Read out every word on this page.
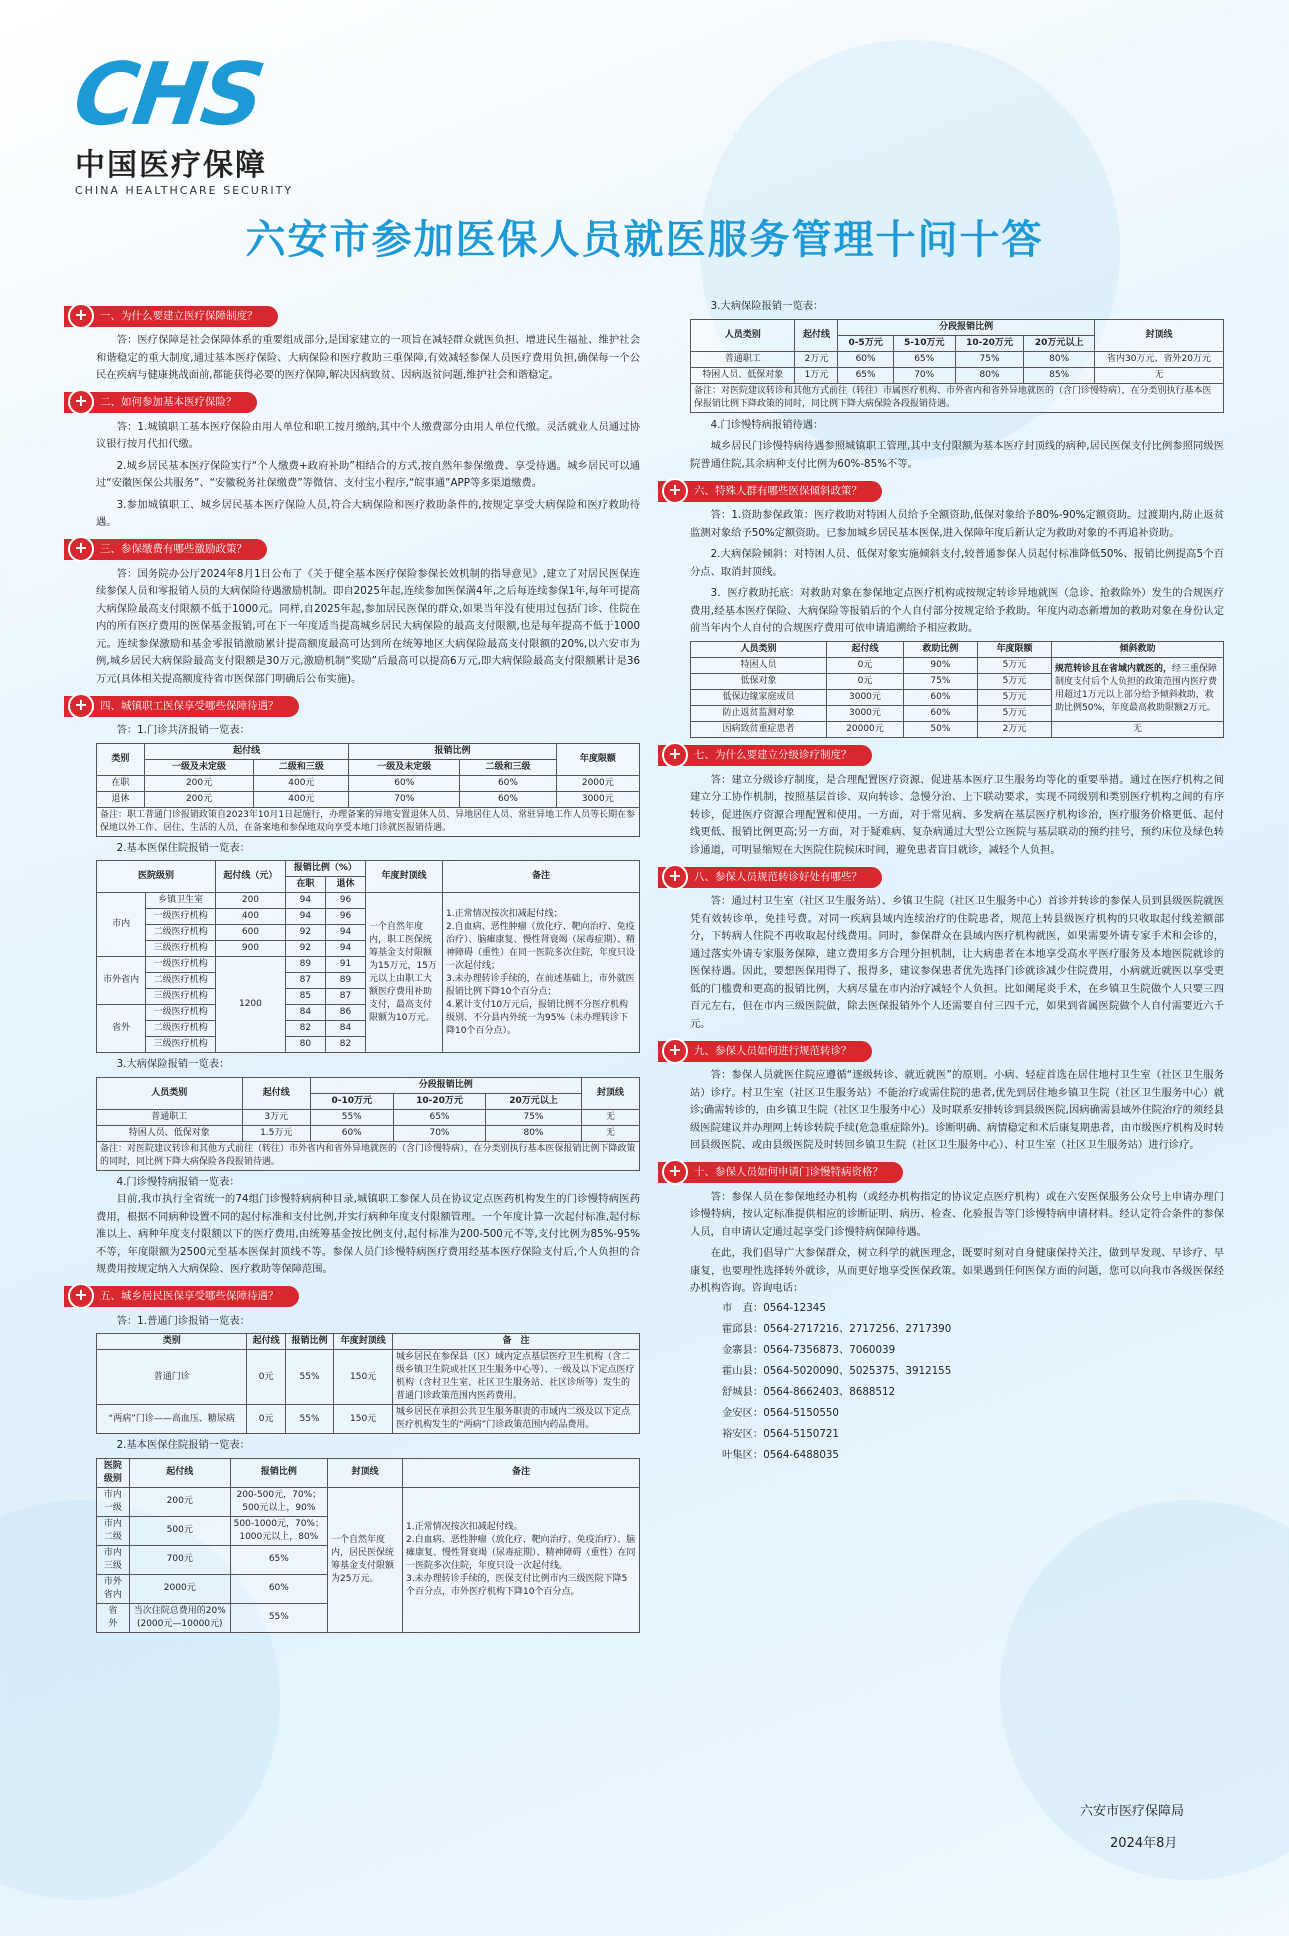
CHS
中国医疗保障
CHINA HEALTHCARE SECURITY
六安市参加医保人员就医服务管理十问十答
+	一、为什么要建立医疗保障制度？

答：医疗保障是社会保障体系的重要组成部分,是国家建立的一项旨在减轻群众就医负担、增进民生福祉、维护社会和谐稳定的重大制度,通过基本医疗保险、大病保险和医疗救助三重保障,有效减轻参保人员医疗费用负担,确保每一个公民在疾病与健康挑战面前,都能获得必要的医疗保障,解决因病致贫、因病返贫问题,维护社会和谐稳定。

+	二、如何参加基本医疗保险？

答：1.城镇职工基本医疗保险由用人单位和职工按月缴纳,其中个人缴费部分由用人单位代缴。灵活就业人员通过协议银行按月代扣代缴。

2.城乡居民基本医疗保险实行“个人缴费+政府补助”相结合的方式,按自然年参保缴费、享受待遇。城乡居民可以通过“安徽医保公共服务”、“安徽税务社保缴费”等微信、支付宝小程序,“皖事通”APP等多渠道缴费。

3.参加城镇职工、城乡居民基本医疗保险人员,符合大病保险和医疗救助条件的,按规定享受大病保险和医疗救助待遇。

+	三、参保缴费有哪些激励政策？

答：国务院办公厅2024年8月1日公布了《关于健全基本医疗保险参保长效机制的指导意见》,建立了对居民医保连续参保人员和零报销人员的大病保险待遇激励机制。即自2025年起,连续参加医保满4年,之后每连续参保1年,每年可提高大病保险最高支付限额不低于1000元。同样,自2025年起,参加居民医保的群众,如果当年没有使用过包括门诊、住院在内的所有医疗费用的医保基金报销,可在下一年度适当提高城乡居民大病保险的最高支付限额,也是每年提高不低于1000元。连续参保激励和基金零报销激励累计提高额度最高可达到所在统筹地区大病保险最高支付限额的20%,以六安市为例,城乡居民大病保险最高支付限额是30万元,激励机制“奖励”后最高可以提高6万元,即大病保险最高支付限额累计是36万元(具体相关提高额度待省市医保部门明确后公布实施)。

+	四、城镇职工医保享受哪些保障待遇？

答：1.门诊共济报销一览表：

类别	起付线		报销比例		年度限额
	一级及未定级	二级和三级	一级及未定级	二级和三级	
在职	200元	400元	60%	60%	2000元
退休	200元	400元	70%	60%	3000元
备注：职工普通门诊报销政策自2023年10月1日起施行，办理备案的异地安置退休人员、异地居住人员、常驻异地工作人员等长期在参保地以外工作、居住、生活的人员，在备案地和参保地双向享受本地门诊就医报销待遇。					

2.基本医保住院报销一览表：

医院级别		起付线（元）	报销比例（%）		年度封顶线	备注
			在职	退休		
市内	乡镇卫生室	200	94	96	一个自然年度内，职工医保统筹基金支付限额为15万元，15万元以上由职工大额医疗费用补助支付，最高支付限额为10万元。	1.正常情况按次扣减起付线；
2.自血病、恶性肿瘤（放化疗、靶向治疗、免疫治疗）、脑瘫康复、慢性肾衰竭（尿毒症期）、精神障碍（重性）在同一医院多次住院，年度只设一次起付线；
3.未办理转诊手续的，在前述基础上，市外就医报销比例下降10个百分点；
4.累计支付10万元后，报销比例不分医疗机构级别、不分县内外统一为95%（未办理转诊下降10个百分点）。
	一级医疗机构	400	94	96		
	二级医疗机构	600	92	94		
	三级医疗机构	900	92	94		
市外省内	一级医疗机构	1200	89	91		
	二级医疗机构		87	89		
	三级医疗机构		85	87		
省外	一级医疗机构		84	86		
	二级医疗机构		82	84		
	三级医疗机构		80	82		

3.大病保险报销一览表：

人员类别	起付线	分段报销比例			封顶线
		0-10万元	10-20万元	20万元以上	
普通职工	3万元	55%	65%	75%	无
特困人员、低保对象	1.5万元	60%	70%	80%	无
备注：对医院建议转诊和其他方式前往（转往）市外省内和省外异地就医的（含门诊慢特病），在分类别执行基本医保报销比例下降政策的同时，同比例下降大病保险各段报销待遇。					

4.门诊慢特病报销一览表：

目前,我市执行全省统一的74组门诊慢特病病种目录,城镇职工参保人员在协议定点医药机构发生的门诊慢特病医药费用，根据不同病种设置不同的起付标准和支付比例,并实行病种年度支付限额管理。一个年度计算一次起付标准,起付标准以上、病种年度支付限额以下的医疗费用,由统筹基金按比例支付,起付标准为200-500元不等,支付比例为85%-95%不等，年度限额为2500元至基本医保封顶线不等。参保人员门诊慢特病医疗费用经基本医疗保险支付后,个人负担的合规费用按规定纳入大病保险、医疗救助等保障范围。

+	五、城乡居民医保享受哪些保障待遇？

答：1.普通门诊报销一览表：

类别	起付线	报销比例	年度封顶线	备　注
普通门诊	0元	55%	150元	城乡居民在参保县（区）域内定点基层医疗卫生机构（含二级乡镇卫生院或社区卫生服务中心等）、一级及以下定点医疗机构（含村卫生室、社区卫生服务站、社区诊所等）发生的普通门诊政策范围内医药费用。
“两病”门诊——高血压、糖尿病	0元	55%	150元	城乡居民在承担公共卫生服务职责的市域内二级及以下定点医疗机构发生的“两病”门诊政策范围内药品费用。

2.基本医保住院报销一览表：

医院级别	起付线	报销比例	封顶线	备注
市内一级	200元	200-500元，70%；500元以上，90%	一个自然年度内，居民医保统筹基金支付限额为25万元。	1.正常情况按次扣减起付线。
2.白血病、恶性肿瘤（放化疗、靶向治疗、免疫治疗）、脑瘫康复、慢性肾衰竭（尿毒症期）、精神障碍（重性）在同一医院多次住院，年度只设一次起付线。
3.未办理转诊手续的，医保支付比例市内三级医院下降5个百分点，市外医疗机构下降10个百分点。
市内二级	500元	500-1000元，70%；1000元以上，80%		
市内三级	700元	65%		
市外省内	2000元	60%		
省　外	当次住院总费用的20%(2000元—10000元)	55%		

3.大病保险报销一览表：

人员类别	起付线	分段报销比例				封顶线
		0-5万元	5-10万元	10-20万元	20万元以上	
普通职工	2万元	60%	65%	75%	80%	省内30万元、省外20万元
特困人员、低保对象	1万元	65%	70%	80%	85%	无
备注：对医院建议转诊和其他方式前往（转往）市属医疗机构、市外省内和省外异地就医的（含门诊慢特病），在分类别执行基本医保报销比例下降政策的同时，同比例下降大病保险各段报销待遇。						

4.门诊慢特病报销待遇：

城乡居民门诊慢特病待遇参照城镇职工管理,其中支付限额为基本医疗封顶线的病种,居民医保支付比例参照同级医院普通住院,其余病种支付比例为60%-85%不等。

+	六、特殊人群有哪些医保倾斜政策？

答：1.资助参保政策：医疗救助对特困人员给予全额资助,低保对象给予80%-90%定额资助。过渡期内,防止返贫监测对象给予50%定额资助。已参加城乡居民基本医保,进入保障年度后新认定为救助对象的不再追补资助。

2.大病保险倾斜：对特困人员、低保对象实施倾斜支付,较普通参保人员起付标准降低50%、报销比例提高5个百分点、取消封顶线。

3．医疗救助托底：对救助对象在参保地定点医疗机构或按规定转诊异地就医（急诊、抢救除外）发生的合规医疗费用,经基本医疗保险、大病保险等报销后的个人自付部分按规定给予救助。年度内动态新增加的救助对象在身份认定前当年内个人自付的合规医疗费用可依申请追溯给予相应救助。

人员类别	起付线	救助比例	年度限额	倾斜救助
特困人员	0元	90%	5万元	规范转诊且在省域内就医的，经三重保障制度支付后个人负担的政策范围内医疗费用超过1万元以上部分给予倾斜救助，救助比例50%，年度最高救助限额2万元。
低保对象	0元	75%	5万元	
低保边缘家庭成员	3000元	60%	5万元	
防止返贫监测对象	3000元	60%	5万元	
因病致贫重症患者	20000元	50%	2万元	无
+	七、为什么要建立分级诊疗制度？

答：建立分级诊疗制度，是合理配置医疗资源、促进基本医疗卫生服务均等化的重要举措。通过在医疗机构之间建立分工协作机制，按照基层首诊、双向转诊、急慢分治、上下联动要求，实现不同级别和类别医疗机构之间的有序转诊，促进医疗资源合理配置和使用。一方面，对于常见病、多发病在基层医疗机构诊治，医疗服务价格更低、起付线更低、报销比例更高;另一方面，对于疑难病、复杂病通过大型公立医院与基层联动的预约挂号，预约床位及绿色转诊通道，可明显缩短在大医院住院候床时间，避免患者盲目就诊，减轻个人负担。

+	八、参保人员规范转诊好处有哪些？

答：通过村卫生室（社区卫生服务站）、乡镇卫生院（社区卫生服务中心）首诊并转诊的参保人员到县级医院就医凭有效转诊单，免挂号费。对同一疾病县域内连续治疗的住院患者，规范上转县级医疗机构的只收取起付线差额部分，下转病人住院不再收取起付线费用。同时，参保群众在县域内医疗机构就医，如果需要外请专家手术和会诊的，通过落实外请专家服务保障，建立费用多方合理分担机制，让大病患者在本地享受高水平医疗服务及本地医院就诊的医保待遇。因此，要想医保用得了、报得多，建议参保患者优先选择门诊就诊减少住院费用，小病就近就医以享受更低的门槛费和更高的报销比例，大病尽量在市内治疗减轻个人负担。比如阑尾炎手术，在乡镇卫生院做个人只要三四百元左右，但在市内三级医院做，除去医保报销外个人还需要自付三四千元，如果到省属医院做个人自付需要近六千元。

+	九、参保人员如何进行规范转诊？

答：参保人员就医住院应遵循“逐级转诊、就近就医”的原则。小病、轻症首选在居住地村卫生室（社区卫生服务站）诊疗。村卫生室（社区卫生服务站）不能治疗或需住院的患者,优先到居住地乡镇卫生院（社区卫生服务中心）就诊;确需转诊的，由乡镇卫生院（社区卫生服务中心）及时联系安排转诊到县级医院,因病确需县域外住院治疗的须经县级医院建议并办理网上转诊转院手续(危急重症除外)。诊断明确、病情稳定和术后康复期患者，由市级医疗机构及时转回县级医院、或由县级医院及时转回乡镇卫生院（社区卫生服务中心）、村卫生室（社区卫生服务站）进行诊疗。

+	十、参保人员如何申请门诊慢特病资格？

答：参保人员在参保地经办机构（或经办机构指定的协议定点医疗机构）或在六安医保服务公众号上申请办理门诊慢特病，按认定标准提供相应的诊断证明、病历、检查、化验报告等门诊慢特病申请材料。经认定符合条件的参保人员，自申请认定通过起享受门诊慢特病保障待遇。

在此，我们倡导广大参保群众，树立科学的就医理念，既要时刻对自身健康保持关注，做到早发现、早诊疗、早康复，也要理性选择转外就诊，从而更好地享受医保政策。如果遇到任何医保方面的问题，您可以向我市各级医保经办机构咨询。咨询电话：

市　直：0564-12345
霍邱县：0564-2717216、2717256、2717390
金寨县：0564-7356873、7060039
霍山县：0564-5020090、5025375、3912155
舒城县：0564-8662403、8688512
金安区：0564-5150550
裕安区：0564-5150721
叶集区：0564-6488035
六安市医疗保障局
2024年8月
